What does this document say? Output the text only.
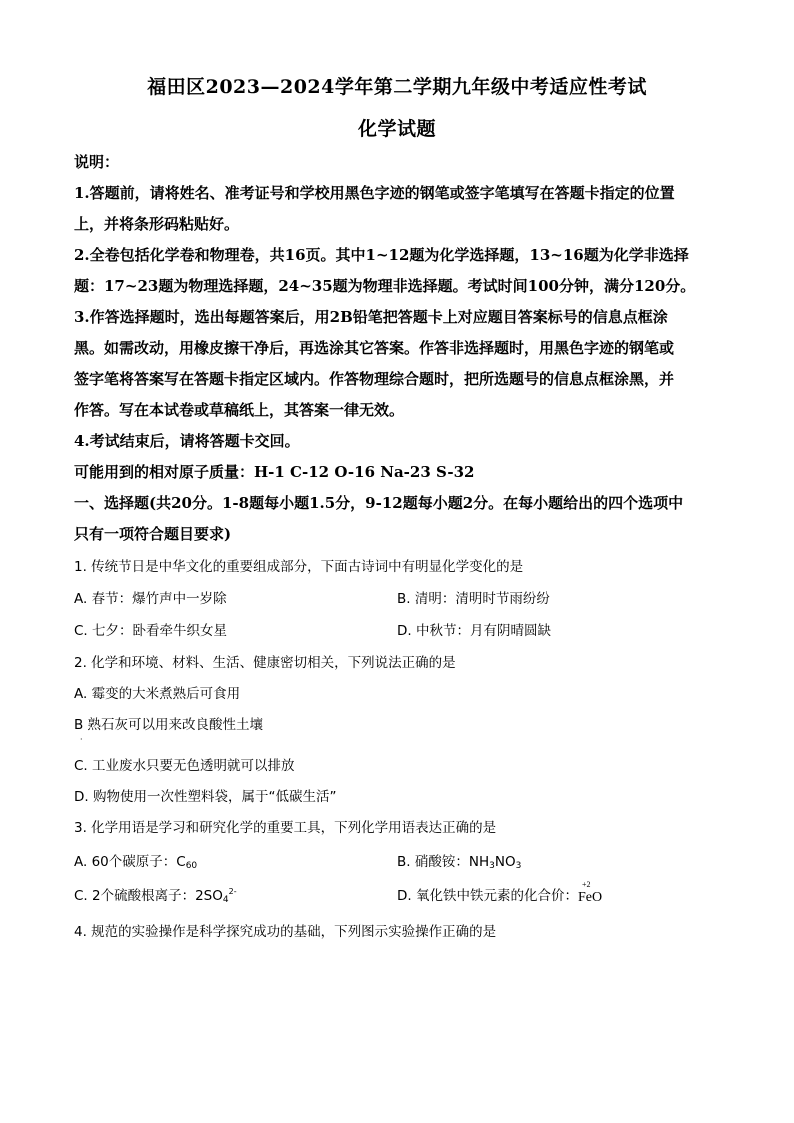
福田区2023—2024学年第二学期九年级中考适应性考试
化学试题
说明：
1.答题前，请将姓名、准考证号和学校用黑色字迹的钢笔或签字笔填写在答题卡指定的位置
上，并将条形码粘贴好。
2.全卷包括化学卷和物理卷，共16页。其中1~12题为化学选择题，13~16题为化学非选择
题：17~23题为物理选择题，24~35题为物理非选择题。考试时间100分钟，满分120分。
3.作答选择题时，选出每题答案后，用2B铅笔把答题卡上对应题目答案标号的信息点框涂
黑。如需改动，用橡皮擦干净后，再选涂其它答案。作答非选择题时，用黑色字迹的钢笔或
签字笔将答案写在答题卡指定区域内。作答物理综合题时，把所选题号的信息点框涂黑，并
作答。写在本试卷或草稿纸上，其答案一律无效。
4.考试结束后，请将答题卡交回。
可能用到的相对原子质量：H-1 C-12 O-16 Na-23 S-32
一、选择题(共20分。1-8题每小题1.5分，9-12题每小题2分。在每小题给出的四个选项中
只有一项符合题目要求)
1. 传统节日是中华文化的重要组成部分，下面古诗词中有明显化学变化的是
A. 春节：爆竹声中一岁除	B. 清明：清明时节雨纷纷
C. 七夕：卧看牵牛织女星	D. 中秋节：月有阴晴圆缺
2. 化学和环境、材料、生活、健康密切相关，下列说法正确的是
A. 霉变的大米煮熟后可食用
B 熟石灰可以用来改良酸性土壤
·
C. 工业废水只要无色透明就可以排放
D. 购物使用一次性塑料袋，属于“低碳生活”
3. 化学用语是学习和研究化学的重要工具，下列化学用语表达正确的是
A. 60个碳原子：$C_{60}$	B. 硝酸铵：$NH_3NO_3$
C. 2个硫酸根离子：$2SO_4^{2-}$	D. 氧化铁中铁元素的化合价：
+2
FeO
4. 规范的实验操作是科学探究成功的基础，下列图示实验操作正确的是
